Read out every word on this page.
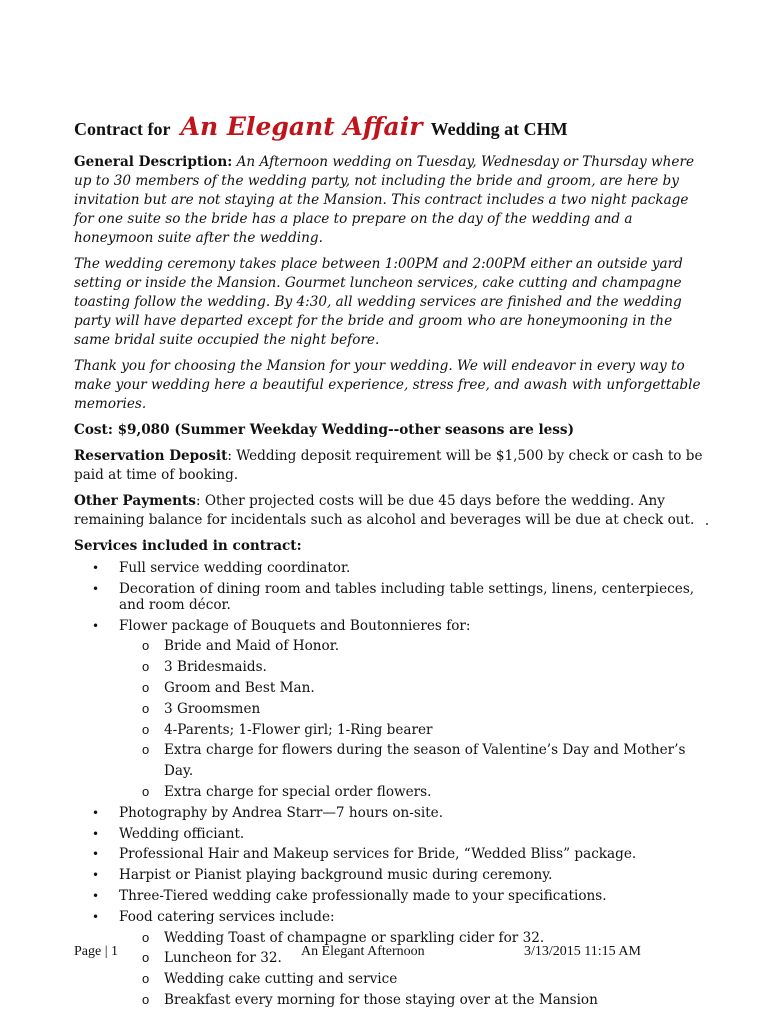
Contract for An Elegant Affair Wedding at CHM

General Description: An Afternoon wedding on Tuesday, Wednesday or Thursday where up to 30 members of the wedding party, not including the bride and groom, are here by invitation but are not staying at the Mansion. This contract includes a two night package for one suite so the bride has a place to prepare on the day of the wedding and a honeymoon suite after the wedding.

The wedding ceremony takes place between 1:00PM and 2:00PM either an outside yard setting or inside the Mansion. Gourmet luncheon services, cake cutting and champagne toasting follow the wedding. By 4:30, all wedding services are finished and the wedding party will have departed except for the bride and groom who are honeymooning in the same bridal suite occupied the night before.

Thank you for choosing the Mansion for your wedding. We will endeavor in every way to make your wedding here a beautiful experience, stress free, and awash with unforgettable memories.

Cost: $9,080 (Summer Weekday Wedding--other seasons are less)

Reservation Deposit: Wedding deposit requirement will be $1,500 by check or cash to be paid at time of booking.

Other Payments: Other projected costs will be due 45 days before the wedding. Any remaining balance for incidentals such as alcohol and beverages will be due at check out.

Services included in contract:

• Full service wedding coordinator.
• Decoration of dining room and tables including table settings, linens, centerpieces, and room décor.
• Flower package of Bouquets and Boutonnieres for:
o Bride and Maid of Honor.
o 3 Bridesmaids.
o Groom and Best Man.
o 3 Groomsmen
o 4-Parents; 1-Flower girl; 1-Ring bearer
o Extra charge for flowers during the season of Valentine’s Day and Mother’s Day.
o Extra charge for special order flowers.
• Photography by Andrea Starr—7 hours on-site.
• Wedding officiant.
• Professional Hair and Makeup services for Bride, “Wedded Bliss” package.
• Harpist or Pianist playing background music during ceremony.
• Three-Tiered wedding cake professionally made to your specifications.
• Food catering services include:
o Wedding Toast of champagne or sparkling cider for 32.
o Luncheon for 32.
o Wedding cake cutting and service
o Breakfast every morning for those staying over at the Mansion
Page | 1	An Elegant Afternoon	3/13/2015 11:15 AM
